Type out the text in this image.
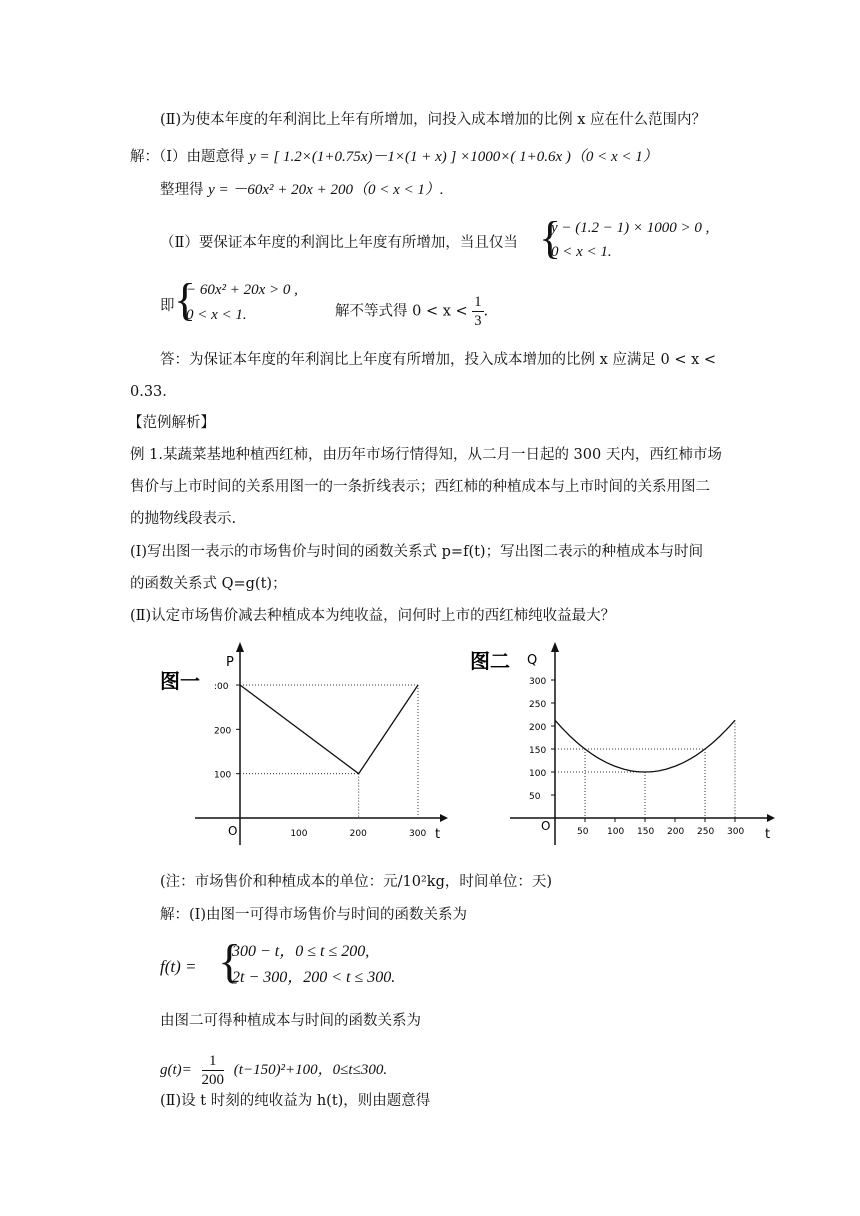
(Ⅱ)为使本年度的年利润比上年有所增加，问投入成本增加的比例 x 应在什么范围内？
解：（Ⅰ）由题意得 y = [ 1.2×(1+0.75x)－1×(1 + x) ] ×1000×( 1+0.6x )（0 < x < 1）
整理得 y = －60x² + 20x + 200（0 < x < 1）.
（Ⅱ）要保证本年度的利润比上年度有所增加，当且仅当 {
y − (1.2 − 1) × 1000 > 0 ,
0 < x < 1.
即 {
− 60x² + 20x > 0 ,
0 < x < 1.	解不等式得 $0 < x < \frac{1}{3}$ .
答：为保证本年度的年利润比上年度有所增加，投入成本增加的比例 x 应满足 0 < x <
0.33.
【范例解析】
例 1.某蔬菜基地种植西红柿，由历年市场行情得知，从二月一日起的 300 天内，西红柿市场
售价与上市时间的关系用图一的一条折线表示；西红柿的种植成本与上市时间的关系用图二
的抛物线段表示.
(Ⅰ)写出图一表示的市场售价与时间的函数关系式 p=f(t)；写出图二表示的种植成本与时间
的函数关系式 Q=g(t)；
(Ⅱ)认定市场售价减去种植成本为纯收益，问何时上市的西红柿纯收益最大？
图一
P
t
O
100
200
:00
100	200	300
图二 Q
t
O
50
100
150
200
250
300
50 100 150 200 250 300
(注：市场售价和种植成本的单位：元/10²kg，时间单位：天)
解：(Ⅰ)由图一可得市场售价与时间的函数关系为
f(t) = {
300 − t，0 ≤ t ≤ 200,
2t − 300，200 < t ≤ 300.
由图二可得种植成本与时间的函数关系为
$g(t)= \frac{1}{200} (t-150)^2+100$，0≤t≤300.
(Ⅱ)设 t 时刻的纯收益为 h(t)，则由题意得
